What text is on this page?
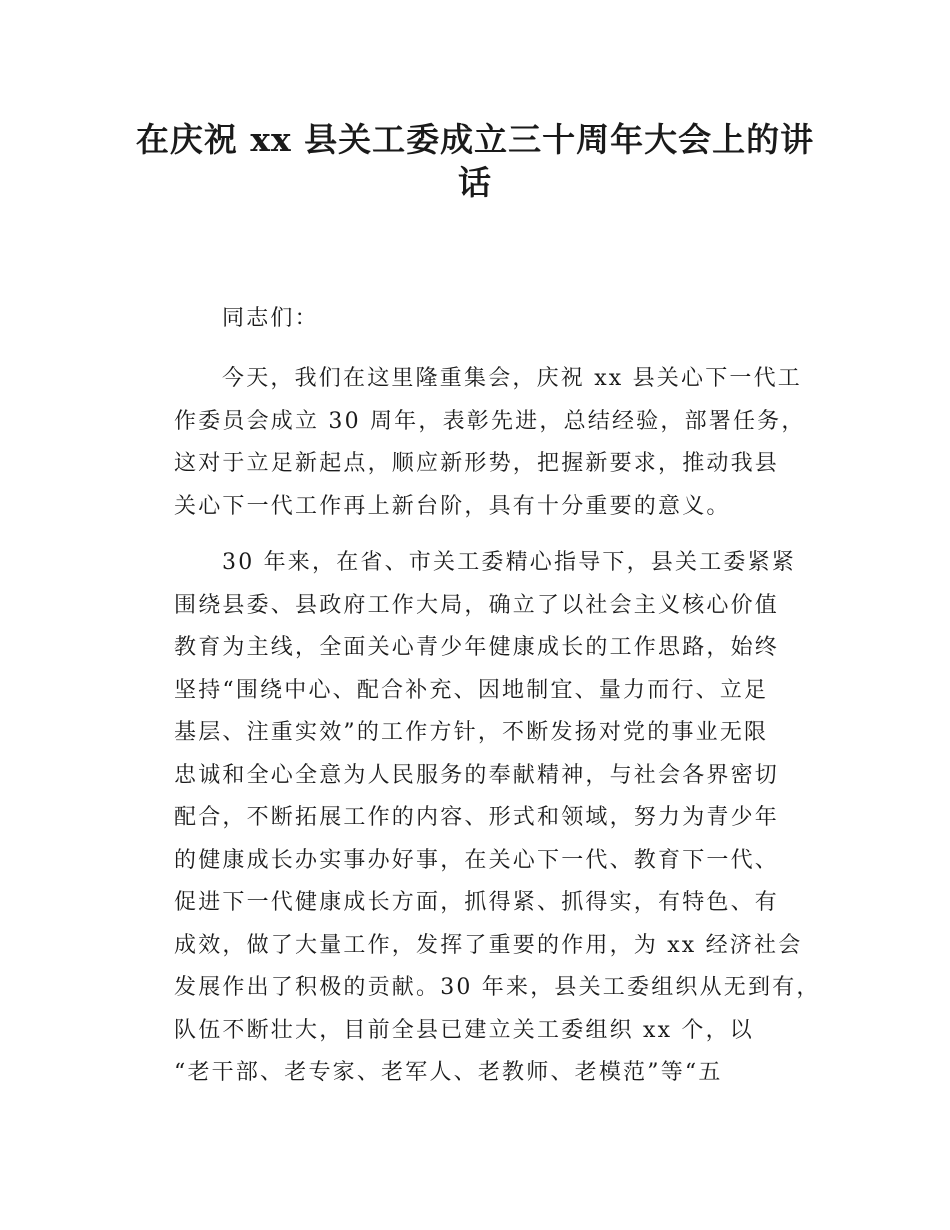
在庆祝 xx 县关工委成立三十周年大会上的讲
话

同志们：

今天，我们在这里隆重集会，庆祝 xx 县关心下一代工
作委员会成立 30 周年，表彰先进，总结经验，部署任务，
这对于立足新起点，顺应新形势，把握新要求，推动我县
关心下一代工作再上新台阶，具有十分重要的意义。

30 年来，在省、市关工委精心指导下，县关工委紧紧
围绕县委、县政府工作大局，确立了以社会主义核心价值
教育为主线，全面关心青少年健康成长的工作思路，始终
坚持“围绕中心、配合补充、因地制宜、量力而行、立足
基层、注重实效”的工作方针，不断发扬对党的事业无限
忠诚和全心全意为人民服务的奉献精神，与社会各界密切
配合，不断拓展工作的内容、形式和领域，努力为青少年
的健康成长办实事办好事，在关心下一代、教育下一代、
促进下一代健康成长方面，抓得紧、抓得实，有特色、有
成效，做了大量工作，发挥了重要的作用，为 xx 经济社会
发展作出了积极的贡献。30 年来，县关工委组织从无到有，
队伍不断壮大，目前全县已建立关工委组织 xx 个，以
“老干部、老专家、老军人、老教师、老模范”等“五
